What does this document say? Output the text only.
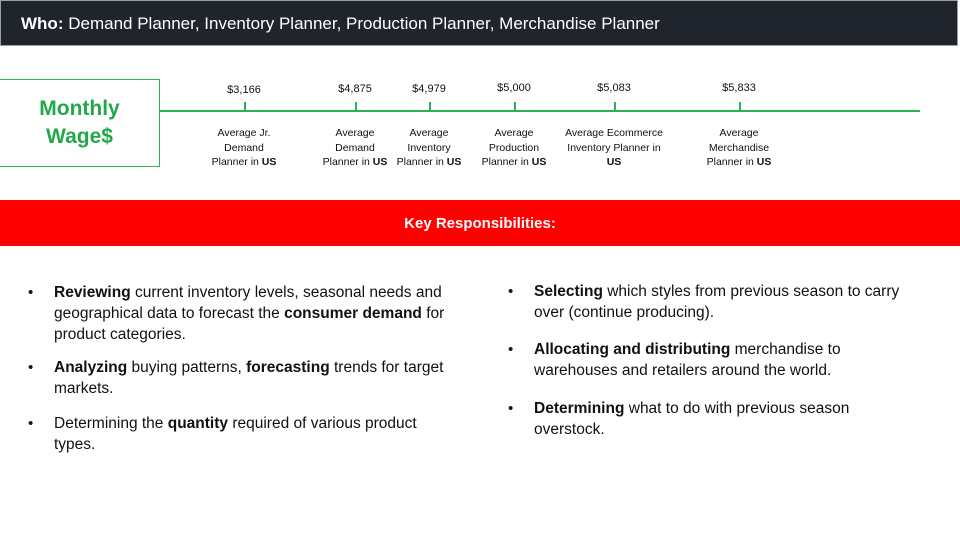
Who: Demand Planner, Inventory Planner, Production Planner, Merchandise Planner
Monthly
Wage$
$3,166
Average Jr.
Demand
Planner in US
$4,875
Average
Demand
Planner in US
$4,979
Average
Inventory
Planner in US
$5,000
Average
Production
Planner in US
$5,083
Average Ecommerce
Inventory Planner in
US
$5,833
Average
Merchandise
Planner in US
Key Responsibilities:
• Reviewing current inventory levels, seasonal needs and geographical data to forecast the consumer demand for product categories.
• Analyzing buying patterns, forecasting trends for target markets.
• Determining the quantity required of various product types.
• Selecting which styles from previous season to carry over (continue producing).
• Allocating and distributing merchandise to warehouses and retailers around the world.
• Determining what to do with previous season overstock.
